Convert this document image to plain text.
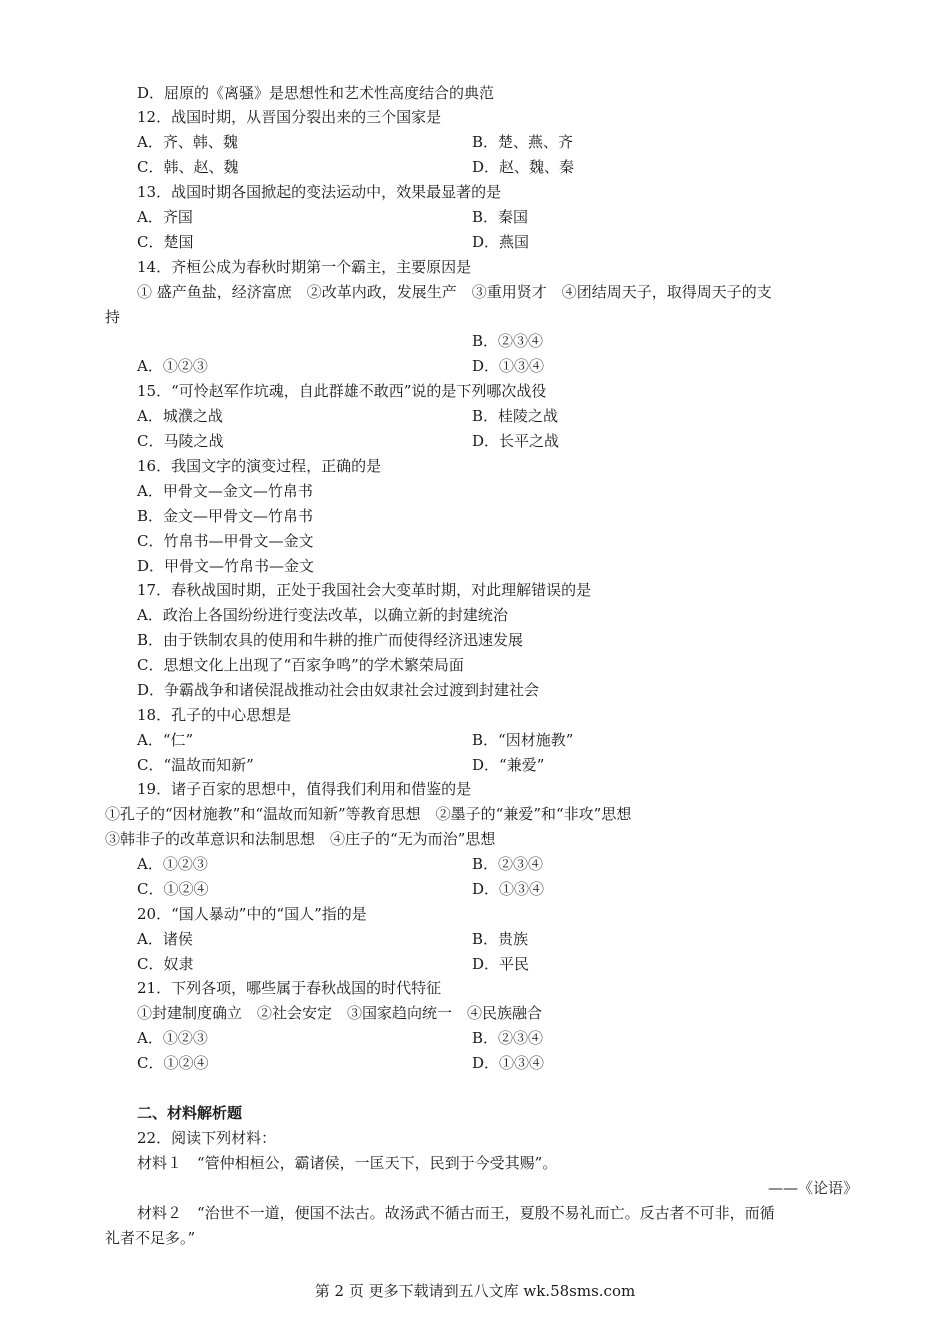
D．屈原的《离骚》是思想性和艺术性高度结合的典范
12．战国时期，从晋国分裂出来的三个国家是
A．齐、韩、魏	B．楚、燕、齐
C．韩、赵、魏	D．赵、魏、秦
13．战国时期各国掀起的变法运动中，效果最显著的是
A．齐国	B．秦国
C．楚国	D．燕国
14．齐桓公成为春秋时期第一个霸主，主要原因是
① 盛产鱼盐，经济富庶　②改革内政，发展生产　③重用贤才　④团结周天子，取得周天子的支
持
A．①②③
B．②③④
D．①③④
15．“可怜赵军作坑魂，自此群雄不敢西”说的是下列哪次战役
A．城濮之战	B．桂陵之战
C．马陵之战	D．长平之战
16．我国文字的演变过程，正确的是
A．甲骨文—金文—竹帛书
B．金文—甲骨文—竹帛书
C．竹帛书—甲骨文—金文
D．甲骨文—竹帛书—金文
17．春秋战国时期，正处于我国社会大变革时期，对此理解错误的是
A．政治上各国纷纷进行变法改革，以确立新的封建统治
B．由于铁制农具的使用和牛耕的推广而使得经济迅速发展
C．思想文化上出现了“百家争鸣”的学术繁荣局面
D．争霸战争和诸侯混战推动社会由奴隶社会过渡到封建社会
18．孔子的中心思想是
A．“仁”	B．“因材施教”
C．“温故而知新”	D．“兼爱”
19．诸子百家的思想中，值得我们利用和借鉴的是
①孔子的“因材施教”和“温故而知新”等教育思想　②墨子的“兼爱”和“非攻”思想
③韩非子的改革意识和法制思想　④庄子的“无为而治”思想
A．①②③	B．②③④
C．①②④	D．①③④
20．“国人暴动”中的“国人”指的是
A．诸侯	B．贵族
C．奴隶	D．平民
21．下列各项，哪些属于春秋战国的时代特征
①封建制度确立　②社会安定　③国家趋向统一　④民族融合
A．①②③	B．②③④
C．①②④	D．①③④
二、材料解析题
22．阅读下列材料：
材料１　“管仲相桓公，霸诸侯，一匡天下，民到于今受其赐”。
——《论语》
材料２　“治世不一道，便国不法古。故汤武不循古而王，夏殷不易礼而亡。反古者不可非，而循
礼者不足多。”
第 2 页 更多下载请到五八文库 wk.58sms.com
